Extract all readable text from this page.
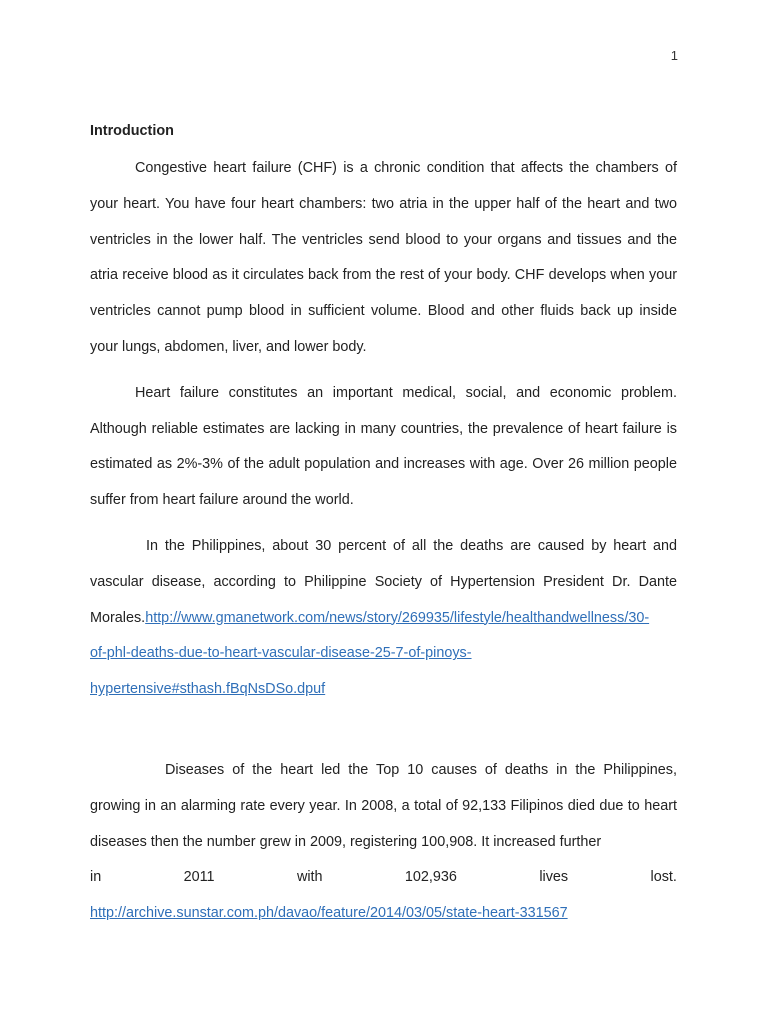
1
Introduction

Congestive heart failure (CHF) is a chronic condition that affects the chambers of your heart. You have four heart chambers: two atria in the upper half of the heart and two ventricles in the lower half. The ventricles send blood to your organs and tissues and the atria receive blood as it circulates back from the rest of your body. CHF develops when your ventricles cannot pump blood in sufficient volume. Blood and other fluids back up inside your lungs, abdomen, liver, and lower body.

Heart failure constitutes an important medical, social, and economic problem. Although reliable estimates are lacking in many countries, the prevalence of heart failure is estimated as 2%-3% of the adult population and increases with age. Over 26 million people suffer from heart failure around the world.

In the Philippines, about 30 percent of all the deaths are caused by heart and vascular disease, according to Philippine Society of Hypertension President Dr. Dante Morales.http://www.gmanetwork.com/news/story/269935/lifestyle/healthandwellness/30-
of-phl-deaths-due-to-heart-vascular-disease-25-7-of-pinoys-
hypertensive#sthash.fBqNsDSo.dpuf

Diseases of the heart led the Top 10 causes of deaths in the Philippines, growing in an alarming rate every year. In 2008, a total of 92,133 Filipinos died due to heart diseases then the number grew in 2009, registering 100,908. It increased further

in	2011	with	102,936	lives	lost.
http://archive.sunstar.com.ph/davao/feature/2014/03/05/state-heart-331567
